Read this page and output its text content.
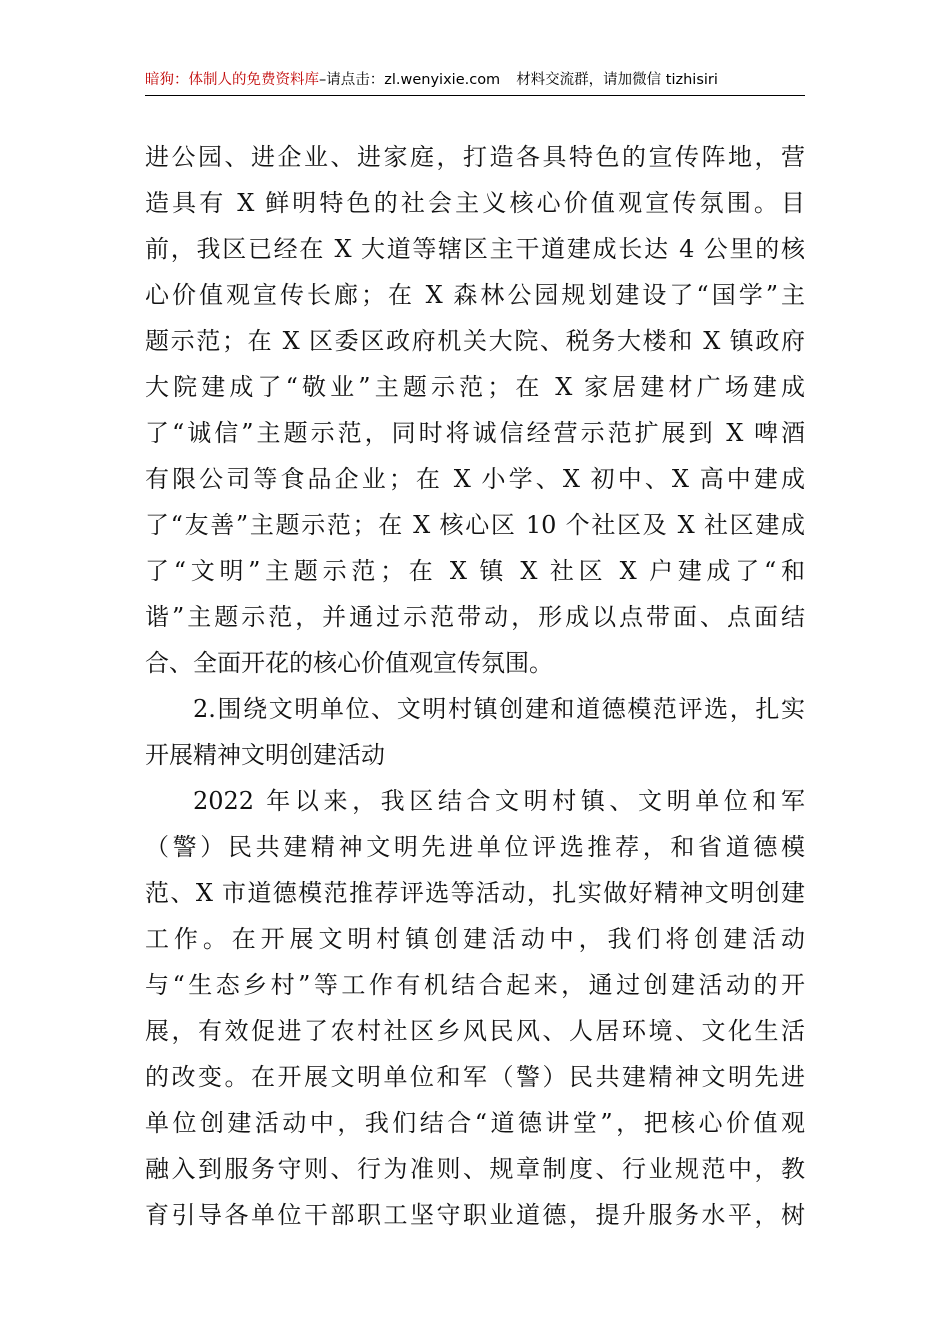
暗狗：体制人的免费资料库–请点击：zl.wenyixie.com 材料交流群，请加微信 tizhisiri
进公园、进企业、进家庭，打造各具特色的宣传阵地，营
造具有 X 鲜明特色的社会主义核心价值观宣传氛围。目
前，我区已经在 X 大道等辖区主干道建成长达 4 公里的核
心价值观宣传长廊；在 X 森林公园规划建设了“国学”主
题示范；在 X 区委区政府机关大院、税务大楼和 X 镇政府
大院建成了“敬业”主题示范；在 X 家居建材广场建成
了“诚信”主题示范，同时将诚信经营示范扩展到 X 啤酒
有限公司等食品企业；在 X 小学、X 初中、X 高中建成
了“友善”主题示范；在 X 核心区 10 个社区及 X 社区建成
了“文明”主题示范；在 X 镇 X 社区 X 户建成了“和
谐”主题示范，并通过示范带动，形成以点带面、点面结
合、全面开花的核心价值观宣传氛围。
2.围绕文明单位、文明村镇创建和道德模范评选，扎实
开展精神文明创建活动
2022 年以来，我区结合文明村镇、文明单位和军
（警）民共建精神文明先进单位评选推荐，和省道德模
范、X 市道德模范推荐评选等活动，扎实做好精神文明创建
工作。在开展文明村镇创建活动中，我们将创建活动
与“生态乡村”等工作有机结合起来，通过创建活动的开
展，有效促进了农村社区乡风民风、人居环境、文化生活
的改变。在开展文明单位和军（警）民共建精神文明先进
单位创建活动中，我们结合“道德讲堂”，把核心价值观
融入到服务守则、行为准则、规章制度、行业规范中，教
育引导各单位干部职工坚守职业道德，提升服务水平，树
